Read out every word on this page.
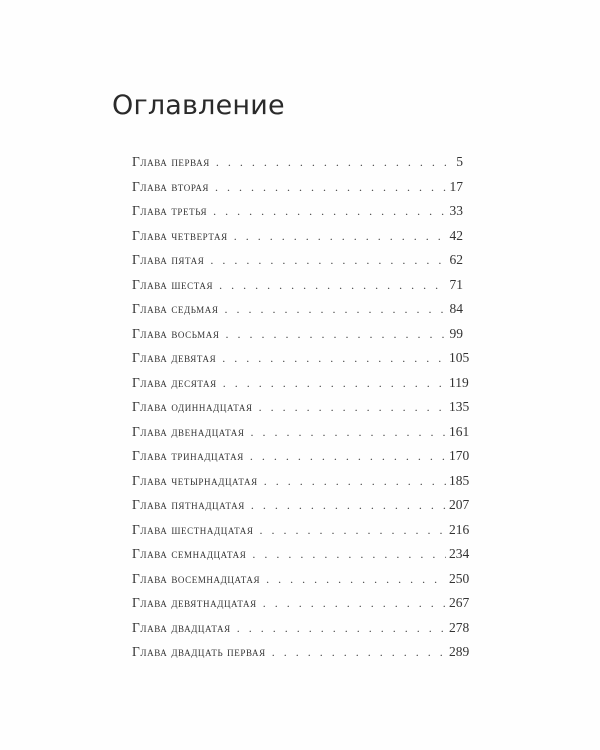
Оглавление
Глава первая . . .	5
Глава вторая . . .	17
Глава третья . . .	33
Глава четвертая . . .	42
Глава пятая . . .	62
Глава шестая . . .	71
Глава седьмая . . .	84
Глава восьмая . . .	99
Глава девятая . . .	105
Глава десятая . . .	119
Глава одиннадцатая . . .	135
Глава двенадцатая . . .	161
Глава тринадцатая . . .	170
Глава четырнадцатая . . .	185
Глава пятнадцатая . . .	207
Глава шестнадцатая . . .	216
Глава семнадцатая . . .	234
Глава восемнадцатая . . .	250
Глава девятнадцатая . . .	267
Глава двадцатая . . .	278
Глава двадцать первая . . .	289
